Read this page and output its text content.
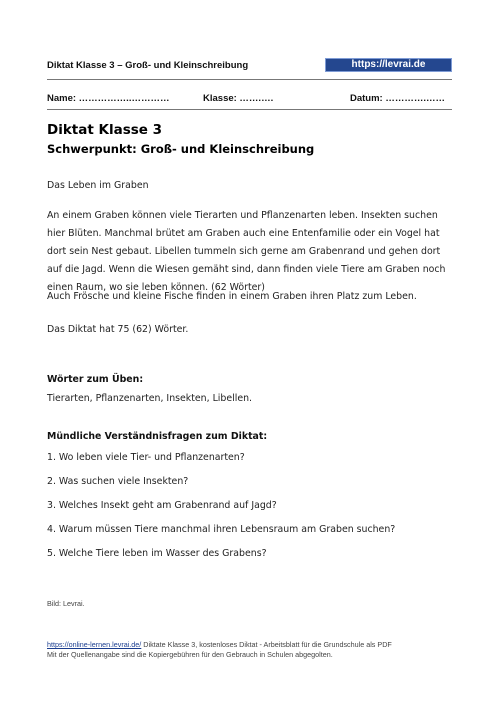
Diktat Klasse 3 – Groß- und Kleinschreibung	https://levrai.de
Name: ……………..…………	Klasse: …….….	Datum: ………….……
Diktat Klasse 3
Schwerpunkt: Groß- und Kleinschreibung
Das Leben im Graben
An einem Graben können viele Tierarten und Pflanzenarten leben. Insekten suchen hier Blüten. Manchmal brütet am Graben auch eine Entenfamilie oder ein Vogel hat dort sein Nest gebaut. Libellen tummeln sich gerne am Grabenrand und gehen dort auf die Jagd. Wenn die Wiesen gemäht sind, dann finden viele Tiere am Graben noch einen Raum, wo sie leben können. (62 Wörter)
Auch Frösche und kleine Fische finden in einem Graben ihren Platz zum Leben.
Das Diktat hat 75 (62) Wörter.
Wörter zum Üben:
Tierarten, Pflanzenarten, Insekten, Libellen.
Mündliche Verständnisfragen zum Diktat:
1. Wo leben viele Tier- und Pflanzenarten?
2. Was suchen viele Insekten?
3. Welches Insekt geht am Grabenrand auf Jagd?
4. Warum müssen Tiere manchmal ihren Lebensraum am Graben suchen?
5. Welche Tiere leben im Wasser des Grabens?
Bild: Levrai.
https://online-lernen.levrai.de/ Diktate Klasse 3, kostenloses Diktat - Arbeitsblatt für die Grundschule als PDF
Mit der Quellenangabe sind die Kopiergebühren für den Gebrauch in Schulen abgegolten.
